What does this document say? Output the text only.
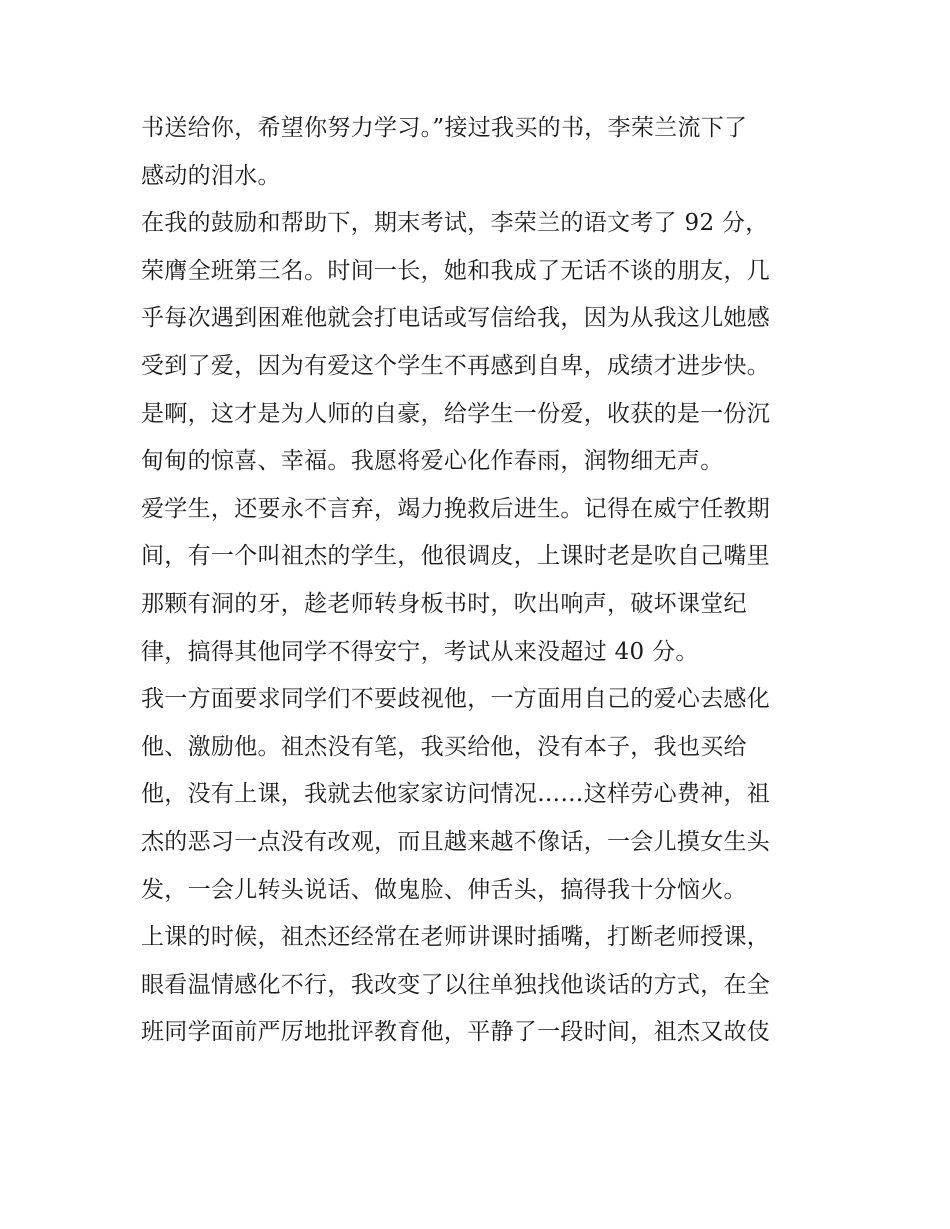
书送给你，希望你努力学习。”接过我买的书，李荣兰流下了
感动的泪水。
在我的鼓励和帮助下，期末考试，李荣兰的语文考了 92 分，
荣膺全班第三名。时间一长，她和我成了无话不谈的朋友，几
乎每次遇到困难他就会打电话或写信给我，因为从我这儿她感
受到了爱，因为有爱这个学生不再感到自卑，成绩才进步快。
是啊，这才是为人师的自豪，给学生一份爱，收获的是一份沉
甸甸的惊喜、幸福。我愿将爱心化作春雨，润物细无声。
爱学生，还要永不言弃，竭力挽救后进生。记得在威宁任教期
间，有一个叫祖杰的学生，他很调皮，上课时老是吹自己嘴里
那颗有洞的牙，趁老师转身板书时，吹出响声，破坏课堂纪
律，搞得其他同学不得安宁，考试从来没超过 40 分。
我一方面要求同学们不要歧视他，一方面用自己的爱心去感化
他、激励他。祖杰没有笔，我买给他，没有本子，我也买给
他，没有上课，我就去他家家访问情况……这样劳心费神，祖
杰的恶习一点没有改观，而且越来越不像话，一会儿摸女生头
发，一会儿转头说话、做鬼脸、伸舌头，搞得我十分恼火。
上课的时候，祖杰还经常在老师讲课时插嘴，打断老师授课，
眼看温情感化不行，我改变了以往单独找他谈话的方式，在全
班同学面前严厉地批评教育他，平静了一段时间，祖杰又故伎
